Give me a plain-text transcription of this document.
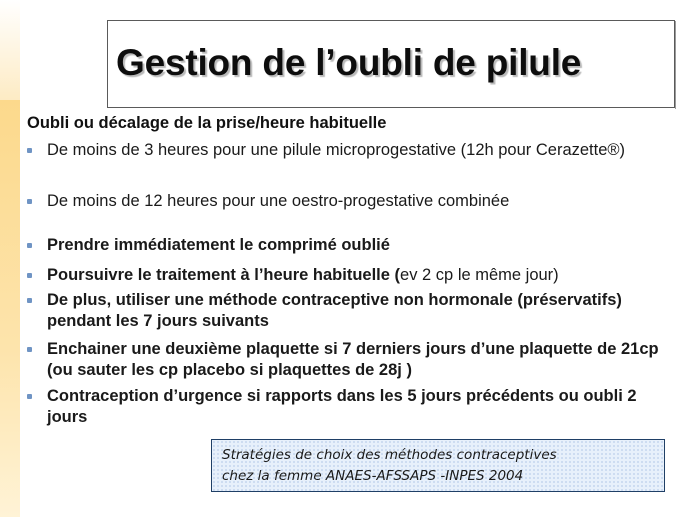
Gestion de l’oubli de pilule
Oubli ou décalage de la prise/heure habituelle
De moins de 3 heures pour une pilule microprogestative (12h pour Cerazette®)
De moins de 12 heures pour une oestro-progestative combinée
Prendre immédiatement le comprimé oublié
Poursuivre le traitement à l’heure habituelle (ev 2 cp le même jour)
De plus, utiliser une méthode contraceptive non hormonale (préservatifs) pendant les 7 jours suivants
Enchainer une deuxième plaquette si 7 derniers jours d’une plaquette de 21cp (ou sauter les cp placebo si plaquettes de 28j )
Contraception d’urgence si rapports dans les 5 jours précédents ou oubli 2 jours
Stratégies de choix des méthodes contraceptives
chez la femme ANAES-AFSSAPS -INPES 2004
